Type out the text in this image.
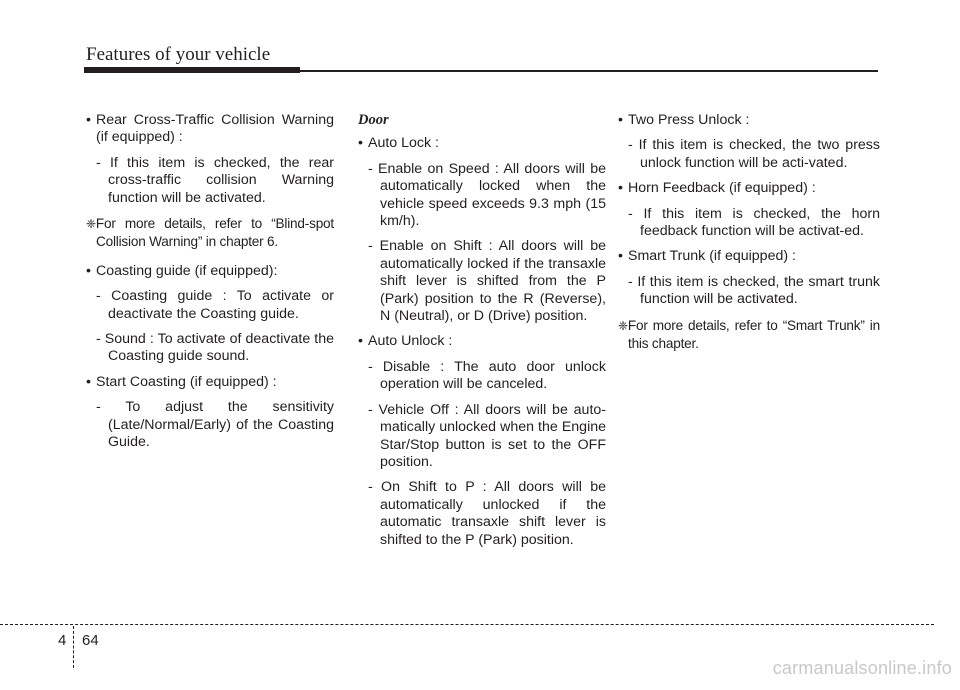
Features of your vehicle
• Rear Cross-Traffic Collision Warning (if equipped) :
- If this item is checked, the rear cross-traffic collision Warning function will be activated.
❈For more details, refer to “Blind-spot Collision Warning” in chapter 6.
• Coasting guide (if equipped):
- Coasting guide : To activate or deactivate the Coasting guide.
- Sound : To activate of deactivate the Coasting guide sound.
• Start Coasting (if equipped) :
- To adjust the sensitivity (Late/Normal/Early) of the Coasting Guide.
Door
• Auto Lock :
- Enable on Speed : All doors will be automatically locked when the vehicle speed exceeds 9.3 mph (15 km/h).
- Enable on Shift : All doors will be automatically locked if the transaxle shift lever is shifted from the P (Park) position to the R (Reverse), N (Neutral), or D (Drive) position.
• Auto Unlock :
- Disable : The auto door unlock operation will be canceled.
- Vehicle Off : All doors will be auto-matically unlocked when the Engine Star/Stop button is set to the OFF position.
- On Shift to P : All doors will be automatically unlocked if the automatic transaxle shift lever is shifted to the P (Park) position.
• Two Press Unlock :
- If this item is checked, the two press unlock function will be acti-vated.
• Horn Feedback (if equipped) :
- If this item is checked, the horn feedback function will be activat-ed.
• Smart Trunk (if equipped) :
- If this item is checked, the smart trunk function will be activated.
❈For more details, refer to “Smart Trunk” in this chapter.
4 64
carmanualsonline.info
